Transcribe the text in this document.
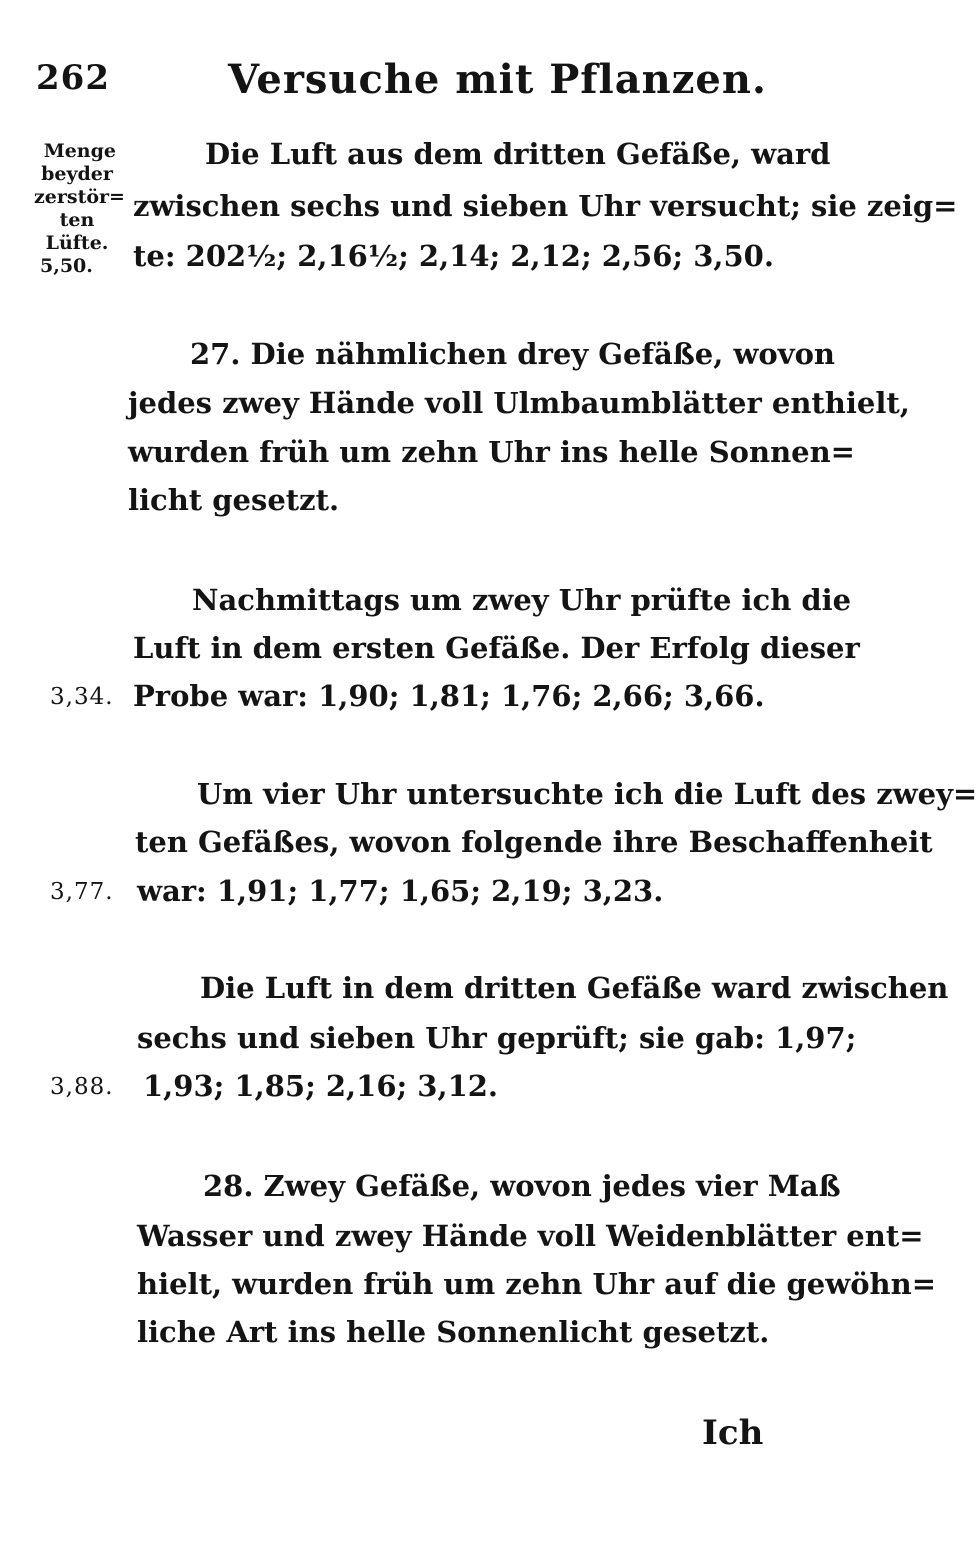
262	Versuche mit Pflanzen.
Menge
beyder
zerstör=
ten
Lüfte.
5,50.
Die Luft aus dem dritten Gefäße, ward
zwischen sechs und sieben Uhr versucht; sie zeig=
te: 202½; 2,16½; 2,14; 2,12; 2,56; 3,50.
27. Die nähmlichen drey Gefäße, wovon
jedes zwey Hände voll Ulmbaumblätter enthielt,
wurden früh um zehn Uhr ins helle Sonnen=
licht gesetzt.
Nachmittags um zwey Uhr prüfte ich die
Luft in dem ersten Gefäße. Der Erfolg dieser
3,34. Probe war: 1,90; 1,81; 1,76; 2,66; 3,66.
Um vier Uhr untersuchte ich die Luft des zwey=
ten Gefäßes, wovon folgende ihre Beschaffenheit
3,77. war: 1,91; 1,77; 1,65; 2,19; 3,23.
Die Luft in dem dritten Gefäße ward zwischen
sechs und sieben Uhr geprüft; sie gab: 1,97;
3,88.	1,93; 1,85; 2,16; 3,12.
28. Zwey Gefäße, wovon jedes vier Maß
Wasser und zwey Hände voll Weidenblätter ent=
hielt, wurden früh um zehn Uhr auf die gewöhn=
liche Art ins helle Sonnenlicht gesetzt.
Ich
